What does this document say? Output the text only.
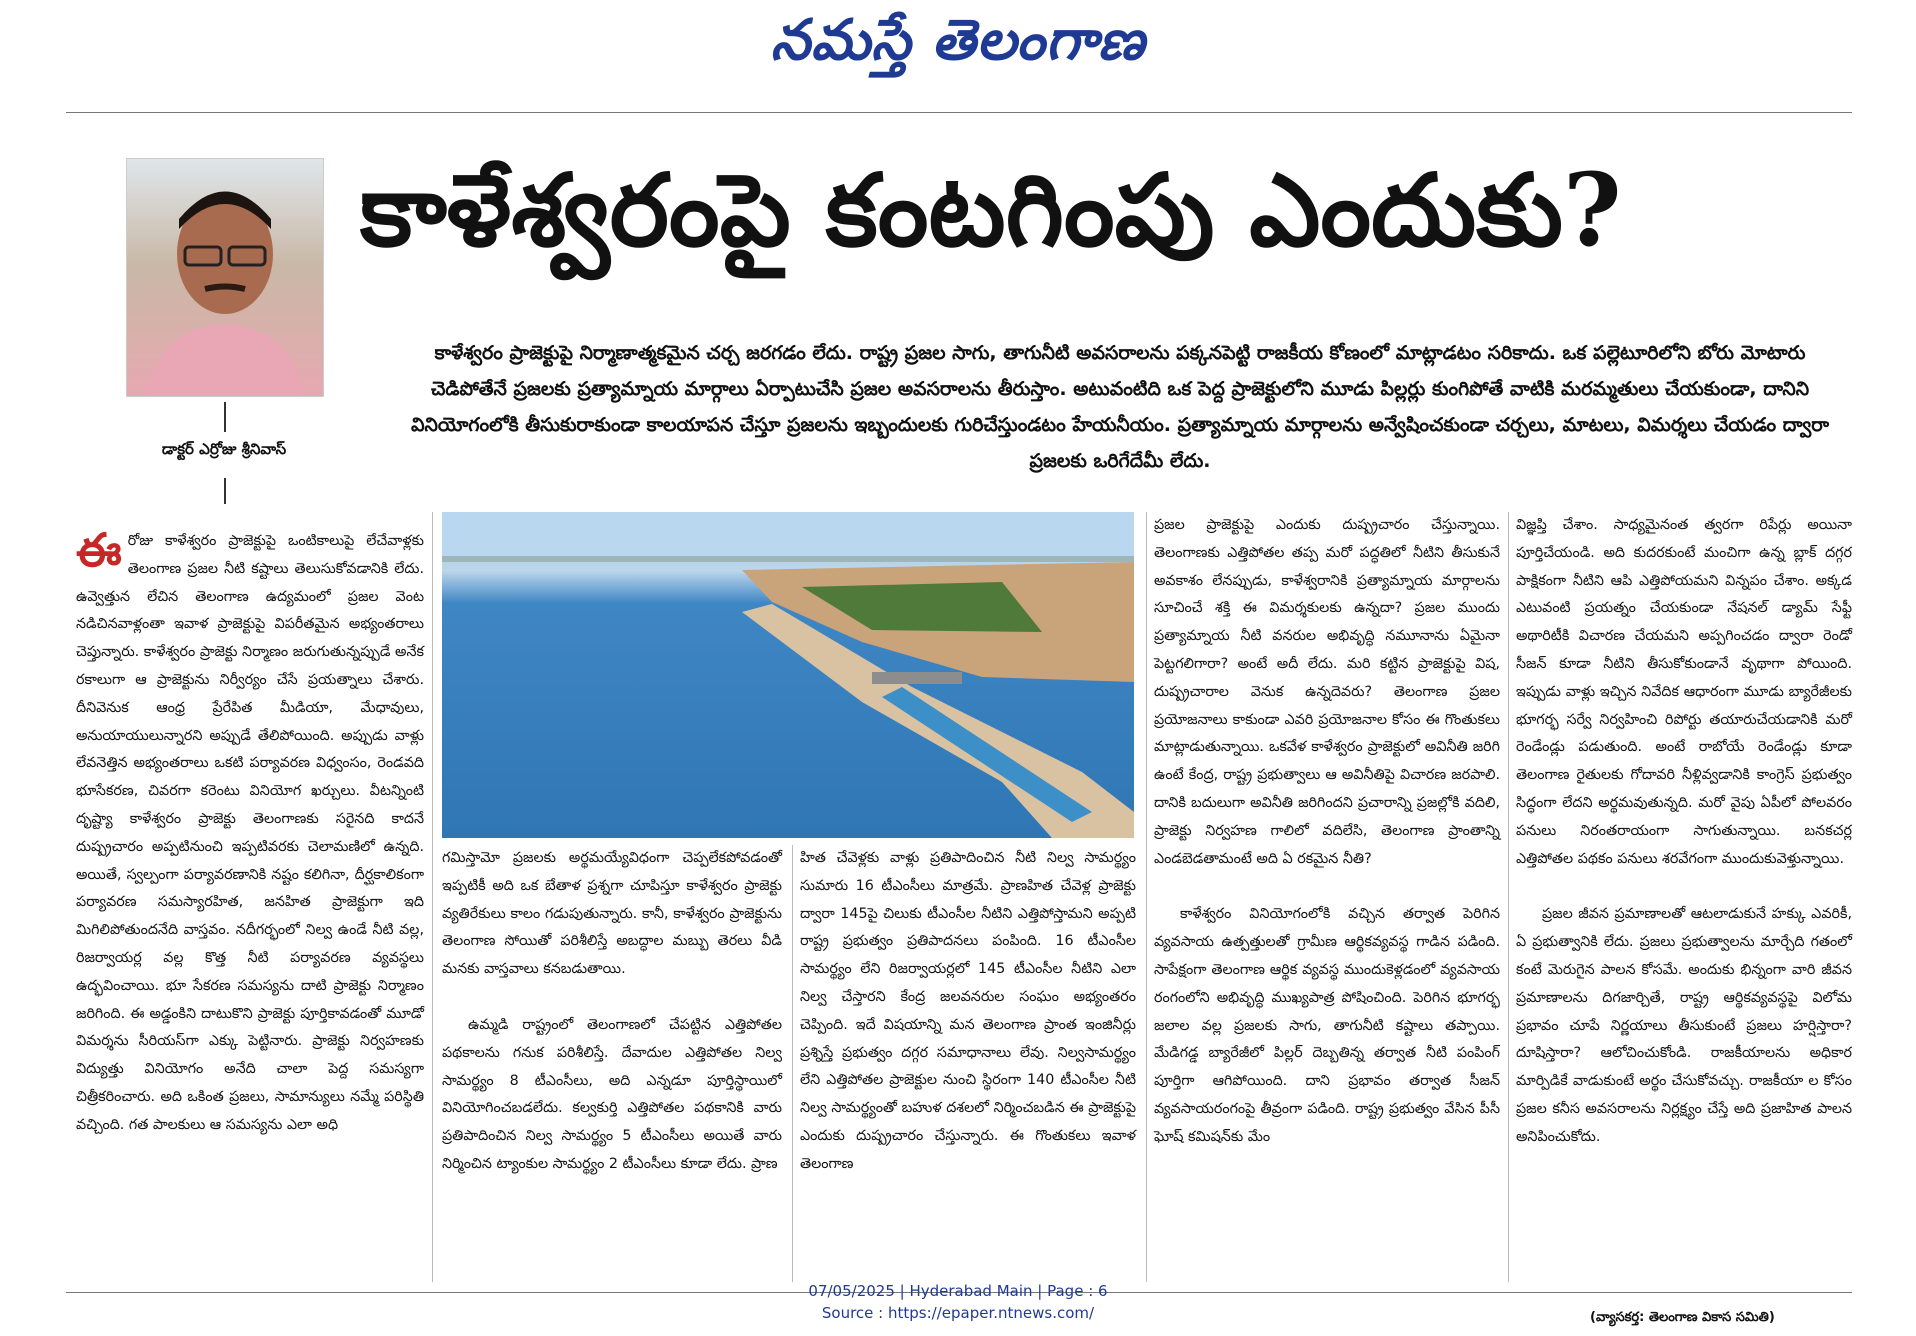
నమస్తే తెలంగాణ
డాక్టర్ ఎర్రోజు శ్రీనివాస్
కాళేశ్వరంపై కంటగింపు ఎందుకు?
కాళేశ్వరం ప్రాజెక్టుపై నిర్మాణాత్మకమైన చర్చ జరగడం లేదు. రాష్ట్ర ప్రజల సాగు, తాగునీటి అవసరాలను పక్కనపెట్టి రాజకీయ కోణంలో మాట్లాడటం సరికాదు. ఒక పల్లెటూరిలోని బోరు మోటారు చెడిపోతేనే ప్రజలకు ప్రత్యామ్నాయ మార్గాలు ఏర్పాటుచేసి ప్రజల అవసరాలను తీరుస్తాం. అటువంటిది ఒక పెద్ద ప్రాజెక్టులోని మూడు పిల్లర్లు కుంగిపోతే వాటికి మరమ్మతులు చేయకుండా, దానిని వినియోగంలోకి తీసుకురాకుండా కాలయాపన చేస్తూ ప్రజలను ఇబ్బందులకు గురిచేస్తుండటం హేయనీయం. ప్రత్యామ్నాయ మార్గాలను అన్వేషించకుండా చర్చలు, మాటలు, విమర్శలు చేయడం ద్వారా ప్రజలకు ఒరిగేదేమీ లేదు.

ఈరోజు కాళేశ్వరం ప్రాజెక్టుపై ఒంటికాలుపై లేచేవాళ్లకు తెలంగాణ ప్రజల నీటి కష్టాలు తెలుసుకోవడానికి లేదు. ఉవ్వెత్తున లేచిన తెలంగాణ ఉద్యమంలో ప్రజల వెంట నడిచినవాళ్లంతా ఇవాళ ప్రాజెక్టుపై విపరీతమైన అభ్యంతరాలు చెప్తున్నారు. కాళేశ్వరం ప్రాజెక్టు నిర్మాణం జరుగుతున్నప్పుడే అనేక రకాలుగా ఆ ప్రాజెక్టును నిర్వీర్యం చేసే ప్రయత్నాలు చేశారు. దీనివెనుక ఆంధ్ర ప్రేరేపిత మీడియా, మేధావులు, అనుయాయులున్నారని అప్పుడే తేలిపోయింది. అప్పుడు వాళ్లు లేవనెత్తిన అభ్యంతరాలు ఒకటి పర్యావరణ విధ్వంసం, రెండవది భూసేకరణ, చివరగా కరెంటు వినియోగ ఖర్చులు. వీటన్నింటి దృష్ట్యా కాళేశ్వరం ప్రాజెక్టు తెలంగాణకు సరైనది కాదనే దుష్ప్రచారం అప్పటినుంచి ఇప్పటివరకు చెలామణిలో ఉన్నది. అయితే, స్వల్పంగా పర్యావరణానికి నష్టం కలిగినా, దీర్ఘకాలికంగా పర్యావరణ సమస్యారహిత, జనహిత ప్రాజెక్టుగా ఇది మిగిలిపోతుందనేది వాస్తవం. నదీగర్భంలో నిల్వ ఉండే నీటి వల్ల, రిజర్వాయర్ల వల్ల కొత్త నీటి పర్యావరణ వ్యవస్థలు ఉద్భవించాయి. భూ సేకరణ సమస్యను దాటి ప్రాజెక్టు నిర్మాణం జరిగింది. ఈ అడ్డంకిని దాటుకొని ప్రాజెక్టు పూర్తికావడంతో మూడో విమర్శను సీరియస్‌గా ఎక్కు పెట్టినారు. ప్రాజెక్టు నిర్వహణకు విద్యుత్తు వినియోగం అనేది చాలా పెద్ద సమస్యగా చిత్రీకరించారు. అది ఒకింత ప్రజలు, సామాన్యులు నమ్మే పరిస్థితి వచ్చింది. గత పాలకులు ఆ సమస్యను ఎలా అధి

గమిస్తామో ప్రజలకు అర్థమయ్యేవిధంగా చెప్పలేకపోవడంతో ఇప్పటికీ అది ఒక బేతాళ ప్రశ్నగా చూపిస్తూ కాళేశ్వరం ప్రాజెక్టు వ్యతిరేకులు కాలం గడుపుతున్నారు. కానీ, కాళేశ్వరం ప్రాజెక్టును తెలంగాణ సోయితో పరిశీలిస్తే అబద్ధాల మబ్బు తెరలు వీడి మనకు వాస్తవాలు కనబడుతాయి.

ఉమ్మడి రాష్ట్రంలో తెలంగాణలో చేపట్టిన ఎత్తిపోతల పథకాలను గనుక పరిశీలిస్తే. దేవాదుల ఎత్తిపోతల నిల్వ సామర్థ్యం 8 టీఎంసీలు, అది ఎన్నడూ పూర్తిస్థాయిలో వినియోగించబడలేదు. కల్వకుర్తి ఎత్తిపోతల పథకానికి వారు ప్రతిపాదించిన నిల్వ సామర్థ్యం 5 టీఎంసీలు అయితే వారు నిర్మించిన ట్యాంకుల సామర్థ్యం 2 టీఎంసీలు కూడా లేదు. ప్రాణ

హిత చేవెళ్లకు వాళ్లు ప్రతిపాదించిన నీటి నిల్వ సామర్థ్యం సుమారు 16 టీఎంసీలు మాత్రమే. ప్రాణహిత చేవెళ్ల ప్రాజెక్టు ద్వారా 145పై చిలుకు టీఎంసీల నీటిని ఎత్తిపోస్తామని అప్పటి రాష్ట్ర ప్రభుత్వం ప్రతిపాదనలు పంపింది. 16 టీఎంసీల సామర్థ్యం లేని రిజర్వాయర్లలో 145 టీఎంసీల నీటిని ఎలా నిల్వ చేస్తారని కేంద్ర జలవనరుల సంఘం అభ్యంతరం చెప్పింది. ఇదే విషయాన్ని మన తెలంగాణ ప్రాంత ఇంజినీర్లు ప్రశ్నిస్తే ప్రభుత్వం దగ్గర సమాధానాలు లేవు. నిల్వసామర్థ్యం లేని ఎత్తిపోతల ప్రాజెక్టుల నుంచి స్థిరంగా 140 టీఎంసీల నీటి నిల్వ సామర్థ్యంతో బహుళ దశలలో నిర్మించబడిన ఈ ప్రాజెక్టుపై ఎందుకు దుష్ప్రచారం చేస్తున్నారు. ఈ గొంతుకలు ఇవాళ తెలంగాణ

ప్రజల ప్రాజెక్టుపై ఎందుకు దుష్ప్రచారం చేస్తున్నాయి. తెలంగాణకు ఎత్తిపోతల తప్ప మరో పద్ధతిలో నీటిని తీసుకునే అవకాశం లేనప్పుడు, కాళేశ్వరానికి ప్రత్యామ్నాయ మార్గాలను సూచించే శక్తి ఈ విమర్శకులకు ఉన్నదా? ప్రజల ముందు ప్రత్యామ్నాయ నీటి వనరుల అభివృద్ధి నమూనాను ఏమైనా పెట్టగలిగారా? అంటే అదీ లేదు. మరి కట్టిన ప్రాజెక్టుపై విష, దుష్ప్రచారాల వెనుక ఉన్నదెవరు? తెలంగాణ ప్రజల ప్రయోజనాలు కాకుండా ఎవరి ప్రయోజనాల కోసం ఈ గొంతుకలు మాట్లాడుతున్నాయి. ఒకవేళ కాళేశ్వరం ప్రాజెక్టులో అవినీతి జరిగి ఉంటే కేంద్ర, రాష్ట్ర ప్రభుత్వాలు ఆ అవినీతిపై విచారణ జరపాలి. దానికి బదులుగా అవినీతి జరిగిందని ప్రచారాన్ని ప్రజల్లోకి వదిలి, ప్రాజెక్టు నిర్వహణ గాలిలో వదిలేసి, తెలంగాణ ప్రాంతాన్ని ఎండబెడతామంటే అది ఏ రకమైన నీతి?

కాళేశ్వరం వినియోగంలోకి వచ్చిన తర్వాత పెరిగిన వ్యవసాయ ఉత్పత్తులతో గ్రామీణ ఆర్థికవ్యవస్థ గాడిన పడింది. సాపేక్షంగా తెలంగాణ ఆర్థిక వ్యవస్థ ముందుకెళ్లడంలో వ్యవసాయ రంగంలోని అభివృద్ధి ముఖ్యపాత్ర పోషించింది. పెరిగిన భూగర్భ జలాల వల్ల ప్రజలకు సాగు, తాగునీటి కష్టాలు తప్పాయి. మేడిగడ్డ బ్యారేజీలో పిల్లర్ దెబ్బతిన్న తర్వాత నీటి పంపింగ్ పూర్తిగా ఆగిపోయింది. దాని ప్రభావం తర్వాత సీజన్ వ్యవసాయరంగంపై తీవ్రంగా పడింది. రాష్ట్ర ప్రభుత్వం వేసిన పీసీ ఘోష్ కమిషన్‌కు మేం

విజ్ఞప్తి చేశాం. సాధ్యమైనంత త్వరగా రిపేర్లు అయినా పూర్తిచేయండి. అది కుదరకుంటే మంచిగా ఉన్న బ్లాక్ దగ్గర పాక్షికంగా నీటిని ఆపి ఎత్తిపోయమని విన్నపం చేశాం. అక్కడ ఎటువంటి ప్రయత్నం చేయకుండా నేషనల్ డ్యామ్ సేఫ్టీ అథారిటీకి విచారణ చేయమని అప్పగించడం ద్వారా రెండో సీజన్ కూడా నీటిని తీసుకోకుండానే వృథాగా పోయింది. ఇప్పుడు వాళ్లు ఇచ్చిన నివేదిక ఆధారంగా మూడు బ్యారేజీలకు భూగర్భ సర్వే నిర్వహించి రిపోర్టు తయారుచేయడానికి మరో రెండేండ్లు పడుతుంది. అంటే రాబోయే రెండేండ్లు కూడా తెలంగాణ రైతులకు గోదావరి నీళ్లివ్వడానికి కాంగ్రెస్ ప్రభుత్వం సిద్ధంగా లేదని అర్థమవుతున్నది. మరో వైపు ఏపీలో పోలవరం పనులు నిరంతరాయంగా సాగుతున్నాయి. బనకచర్ల ఎత్తిపోతల పథకం పనులు శరవేగంగా ముందుకువెళ్తున్నాయి.

ప్రజల జీవన ప్రమాణాలతో ఆటలాడుకునే హక్కు ఎవరికీ, ఏ ప్రభుత్వానికి లేదు. ప్రజలు ప్రభుత్వాలను మార్చేది గతంలో కంటే మెరుగైన పాలన కోసమే. అందుకు భిన్నంగా వారి జీవన ప్రమాణాలను దిగజార్చితే, రాష్ట్ర ఆర్థికవ్యవస్థపై విలోమ ప్రభావం చూపే నిర్ణయాలు తీసుకుంటే ప్రజలు హర్షిస్తారా? దూషిస్తారా? ఆలోచించుకోండి. రాజకీయాలను అధికార మార్పిడికే వాడుకుంటే అర్థం చేసుకోవచ్చు. రాజకీయా ల కోసం ప్రజల కనీస అవసరాలను నిర్లక్ష్యం చేస్తే అది ప్రజాహిత పాలన అనిపించుకోదు.

(వ్యాసకర్త: తెలంగాణ వికాస సమితి)
07/05/2025 | Hyderabad Main | Page : 6
Source : https://epaper.ntnews.com/
